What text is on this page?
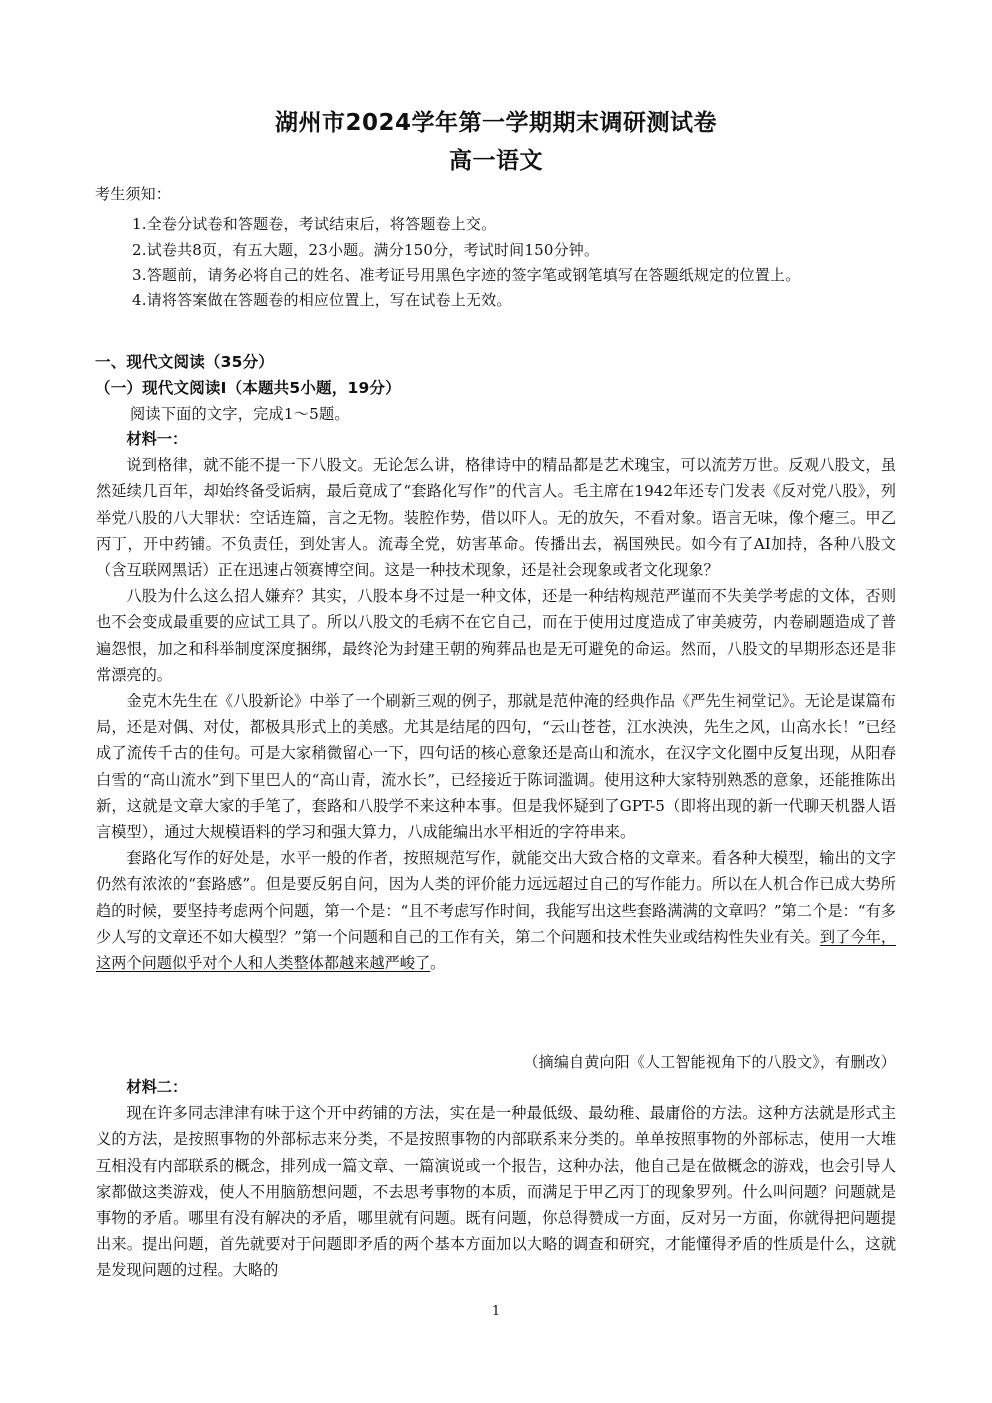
湖州市2024学年第一学期期末调研测试卷
高一语文
考生须知：
1.全卷分试卷和答题卷，考试结束后，将答题卷上交。
2.试卷共8页，有五大题，23小题。满分150分，考试时间150分钟。
3.答题前，请务必将自己的姓名、准考证号用黑色字迹的签字笔或钢笔填写在答题纸规定的位置上。
4.请将答案做在答题卷的相应位置上，写在试卷上无效。
一、现代文阅读（35分）
（一）现代文阅读Ⅰ（本题共5小题，19分）
阅读下面的文字，完成1～5题。

材料一：

说到格律，就不能不提一下八股文。无论怎么讲，格律诗中的精品都是艺术瑰宝，可以流芳万世。反观八股文，虽然延续几百年，却始终备受诟病，最后竟成了“套路化写作”的代言人。毛主席在1942年还专门发表《反对党八股》，列举党八股的八大罪状：空话连篇，言之无物。装腔作势，借以吓人。无的放矢，不看对象。语言无味，像个瘪三。甲乙丙丁，开中药铺。不负责任，到处害人。流毒全党，妨害革命。传播出去，祸国殃民。如今有了AI加持，各种八股文（含互联网黑话）正在迅速占领赛博空间。这是一种技术现象，还是社会现象或者文化现象？

八股为什么这么招人嫌弃？其实，八股本身不过是一种文体，还是一种结构规范严谨而不失美学考虑的文体，否则也不会变成最重要的应试工具了。所以八股文的毛病不在它自己，而在于使用过度造成了审美疲劳，内卷刷题造成了普遍怨恨，加之和科举制度深度捆绑，最终沦为封建王朝的殉葬品也是无可避免的命运。然而，八股文的早期形态还是非常漂亮的。

金克木先生在《八股新论》中举了一个刷新三观的例子，那就是范仲淹的经典作品《严先生祠堂记》。无论是谋篇布局，还是对偶、对仗，都极具形式上的美感。尤其是结尾的四句，“云山苍苍，江水泱泱，先生之风，山高水长！”已经成了流传千古的佳句。可是大家稍微留心一下，四句话的核心意象还是高山和流水，在汉字文化圈中反复出现，从阳春白雪的“高山流水”到下里巴人的“高山青，流水长”，已经接近于陈词滥调。使用这种大家特别熟悉的意象，还能推陈出新，这就是文章大家的手笔了，套路和八股学不来这种本事。但是我怀疑到了GPT-5（即将出现的新一代聊天机器人语言模型），通过大规模语料的学习和强大算力，八成能编出水平相近的字符串来。

套路化写作的好处是，水平一般的作者，按照规范写作，就能交出大致合格的文章来。看各种大模型，输出的文字仍然有浓浓的“套路感”。但是要反躬自问，因为人类的评价能力远远超过自己的写作能力。所以在人机合作已成大势所趋的时候，要坚持考虑两个问题，第一个是：“且不考虑写作时间，我能写出这些套路满满的文章吗？”第二个是：“有多少人写的文章还不如大模型？”第一个问题和自己的工作有关，第二个问题和技术性失业或结构性失业有关。到了今年，这两个问题似乎对个人和人类整体都越来越严峻了。

（摘编自黄向阳《人工智能视角下的八股文》，有删改）

材料二：

现在许多同志津津有味于这个开中药铺的方法，实在是一种最低级、最幼稚、最庸俗的方法。这种方法就是形式主义的方法，是按照事物的外部标志来分类，不是按照事物的内部联系来分类的。单单按照事物的外部标志，使用一大堆互相没有内部联系的概念，排列成一篇文章、一篇演说或一个报告，这种办法，他自己是在做概念的游戏，也会引导人家都做这类游戏，使人不用脑筋想问题，不去思考事物的本质，而满足于甲乙丙丁的现象罗列。什么叫问题？问题就是事物的矛盾。哪里有没有解决的矛盾，哪里就有问题。既有问题，你总得赞成一方面，反对另一方面，你就得把问题提出来。提出问题，首先就要对于问题即矛盾的两个基本方面加以大略的调查和研究，才能懂得矛盾的性质是什么，这就是发现问题的过程。大略的

1
